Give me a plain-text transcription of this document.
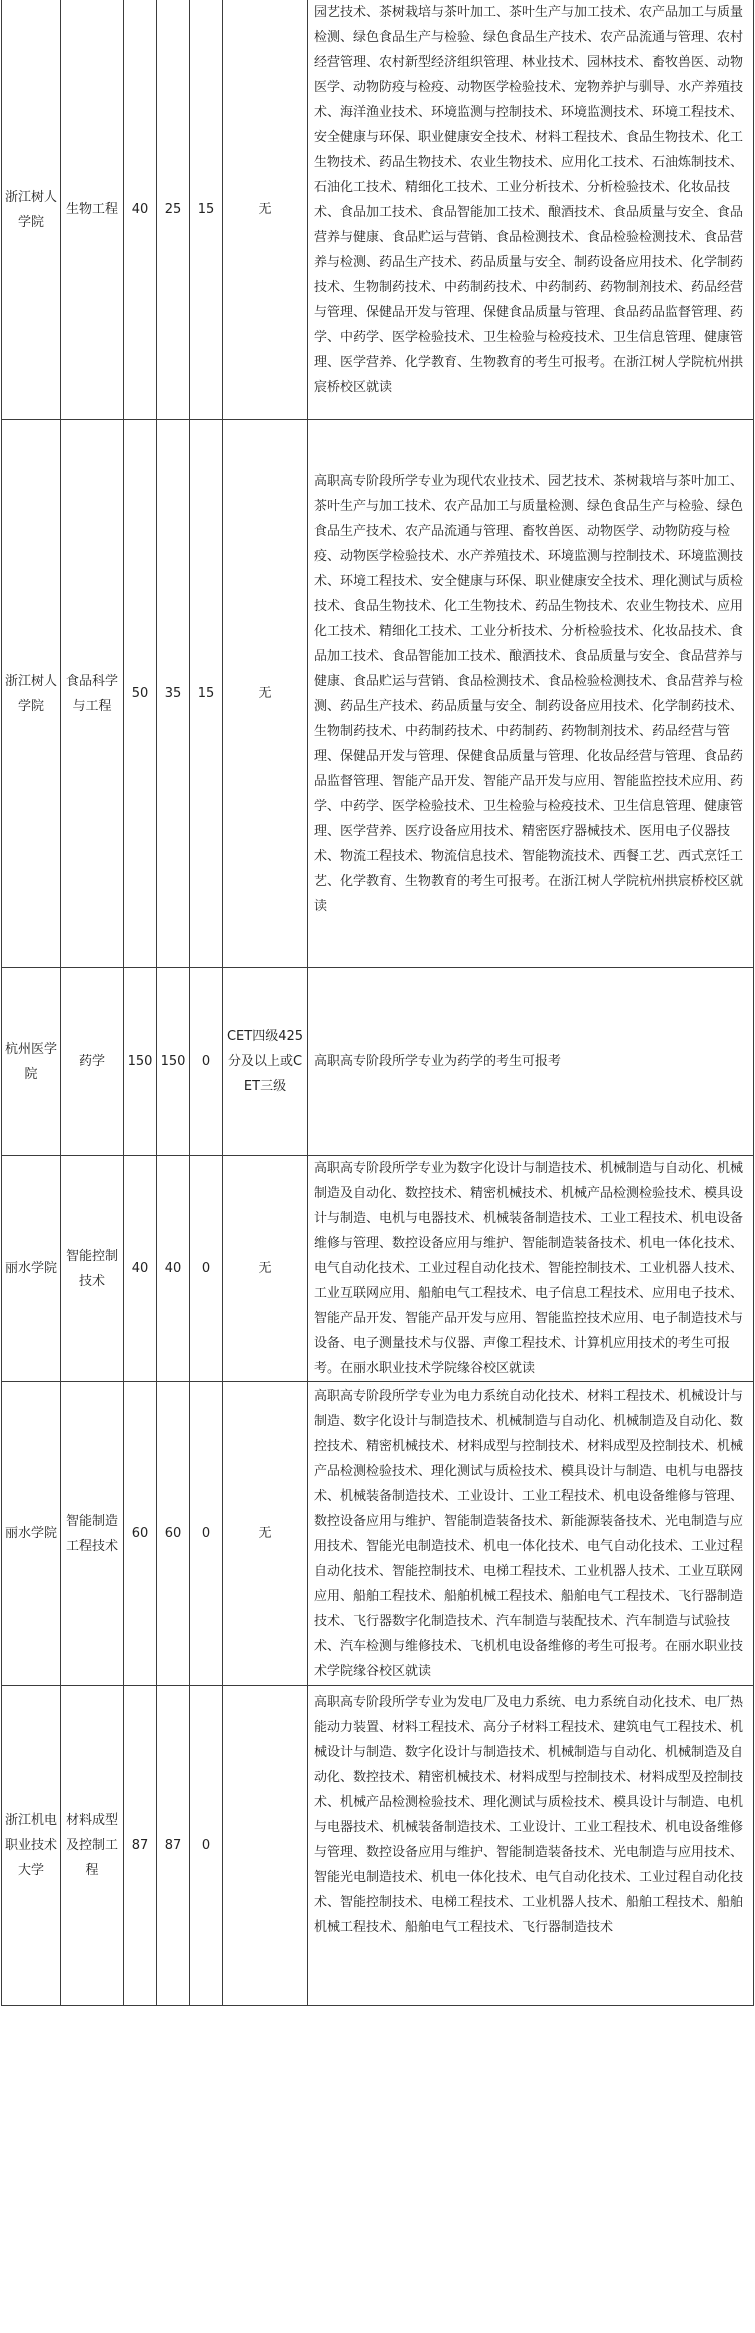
浙江树人学院	生物工程	40	25	15	无	园艺技术、茶树栽培与茶叶加工、茶叶生产与加工技术、农产品加工与质量检测、绿色食品生产与检验、绿色食品生产技术、农产品流通与管理、农村经营管理、农村新型经济组织管理、林业技术、园林技术、畜牧兽医、动物医学、动物防疫与检疫、动物医学检验技术、宠物养护与驯导、水产养殖技术、海洋渔业技术、环境监测与控制技术、环境监测技术、环境工程技术、安全健康与环保、职业健康安全技术、材料工程技术、食品生物技术、化工生物技术、药品生物技术、农业生物技术、应用化工技术、石油炼制技术、石油化工技术、精细化工技术、工业分析技术、分析检验技术、化妆品技术、食品加工技术、食品智能加工技术、酿酒技术、食品质量与安全、食品营养与健康、食品贮运与营销、食品检测技术、食品检验检测技术、食品营养与检测、药品生产技术、药品质量与安全、制药设备应用技术、化学制药技术、生物制药技术、中药制药技术、中药制药、药物制剂技术、药品经营与管理、保健品开发与管理、保健食品质量与管理、食品药品监督管理、药学、中药学、医学检验技术、卫生检验与检疫技术、卫生信息管理、健康管理、医学营养、化学教育、生物教育的考生可报考。在浙江树人学院杭州拱宸桥校区就读
浙江树人学院	食品科学与工程	50	35	15	无	高职高专阶段所学专业为现代农业技术、园艺技术、茶树栽培与茶叶加工、茶叶生产与加工技术、农产品加工与质量检测、绿色食品生产与检验、绿色食品生产技术、农产品流通与管理、畜牧兽医、动物医学、动物防疫与检疫、动物医学检验技术、水产养殖技术、环境监测与控制技术、环境监测技术、环境工程技术、安全健康与环保、职业健康安全技术、理化测试与质检技术、食品生物技术、化工生物技术、药品生物技术、农业生物技术、应用化工技术、精细化工技术、工业分析技术、分析检验技术、化妆品技术、食品加工技术、食品智能加工技术、酿酒技术、食品质量与安全、食品营养与健康、食品贮运与营销、食品检测技术、食品检验检测技术、食品营养与检测、药品生产技术、药品质量与安全、制药设备应用技术、化学制药技术、生物制药技术、中药制药技术、中药制药、药物制剂技术、药品经营与管理、保健品开发与管理、保健食品质量与管理、化妆品经营与管理、食品药品监督管理、智能产品开发、智能产品开发与应用、智能监控技术应用、药学、中药学、医学检验技术、卫生检验与检疫技术、卫生信息管理、健康管理、医学营养、医疗设备应用技术、精密医疗器械技术、医用电子仪器技术、物流工程技术、物流信息技术、智能物流技术、西餐工艺、西式烹饪工艺、化学教育、生物教育的考生可报考。在浙江树人学院杭州拱宸桥校区就读
杭州医学院	药学	150	150	0	CET四级425分及以上或CET三级	高职高专阶段所学专业为药学的考生可报考
丽水学院	智能控制技术	40	40	0	无	高职高专阶段所学专业为数字化设计与制造技术、机械制造与自动化、机械制造及自动化、数控技术、精密机械技术、机械产品检测检验技术、模具设计与制造、电机与电器技术、机械装备制造技术、工业工程技术、机电设备维修与管理、数控设备应用与维护、智能制造装备技术、机电一体化技术、电气自动化技术、工业过程自动化技术、智能控制技术、工业机器人技术、工业互联网应用、船舶电气工程技术、电子信息工程技术、应用电子技术、智能产品开发、智能产品开发与应用、智能监控技术应用、电子制造技术与设备、电子测量技术与仪器、声像工程技术、计算机应用技术的考生可报考。在丽水职业技术学院缘谷校区就读
丽水学院	智能制造工程技术	60	60	0	无	高职高专阶段所学专业为电力系统自动化技术、材料工程技术、机械设计与制造、数字化设计与制造技术、机械制造与自动化、机械制造及自动化、数控技术、精密机械技术、材料成型与控制技术、材料成型及控制技术、机械产品检测检验技术、理化测试与质检技术、模具设计与制造、电机与电器技术、机械装备制造技术、工业设计、工业工程技术、机电设备维修与管理、数控设备应用与维护、智能制造装备技术、新能源装备技术、光电制造与应用技术、智能光电制造技术、机电一体化技术、电气自动化技术、工业过程自动化技术、智能控制技术、电梯工程技术、工业机器人技术、工业互联网应用、船舶工程技术、船舶机械工程技术、船舶电气工程技术、飞行器制造技术、飞行器数字化制造技术、汽车制造与装配技术、汽车制造与试验技术、汽车检测与维修技术、飞机机电设备维修的考生可报考。在丽水职业技术学院缘谷校区就读
浙江机电职业技术大学	材料成型及控制工程	87	87	0		高职高专阶段所学专业为发电厂及电力系统、电力系统自动化技术、电厂热能动力装置、材料工程技术、高分子材料工程技术、建筑电气工程技术、机械设计与制造、数字化设计与制造技术、机械制造与自动化、机械制造及自动化、数控技术、精密机械技术、材料成型与控制技术、材料成型及控制技术、机械产品检测检验技术、理化测试与质检技术、模具设计与制造、电机与电器技术、机械装备制造技术、工业设计、工业工程技术、机电设备维修与管理、数控设备应用与维护、智能制造装备技术、光电制造与应用技术、智能光电制造技术、机电一体化技术、电气自动化技术、工业过程自动化技术、智能控制技术、电梯工程技术、工业机器人技术、船舶工程技术、船舶机械工程技术、船舶电气工程技术、飞行器制造技术
